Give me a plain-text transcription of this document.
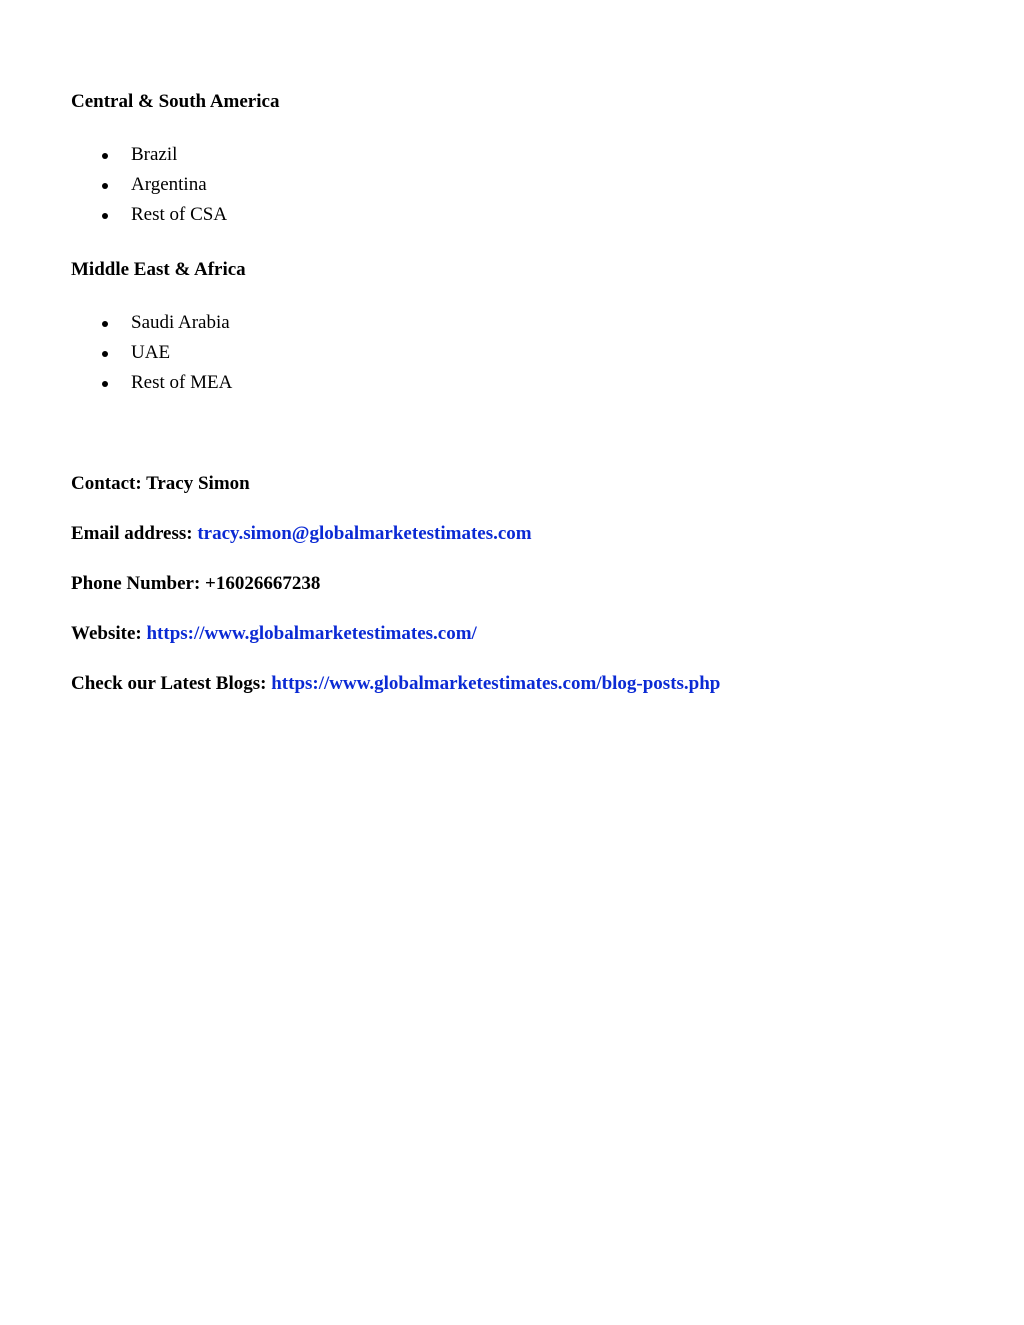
Central & South America

Brazil
Argentina
Rest of CSA

Middle East & Africa

Saudi Arabia
UAE
Rest of MEA

Contact: Tracy Simon

Email address: tracy.simon@globalmarketestimates.com

Phone Number: +16026667238

Website: https://www.globalmarketestimates.com/

Check our Latest Blogs: https://www.globalmarketestimates.com/blog-posts.php
